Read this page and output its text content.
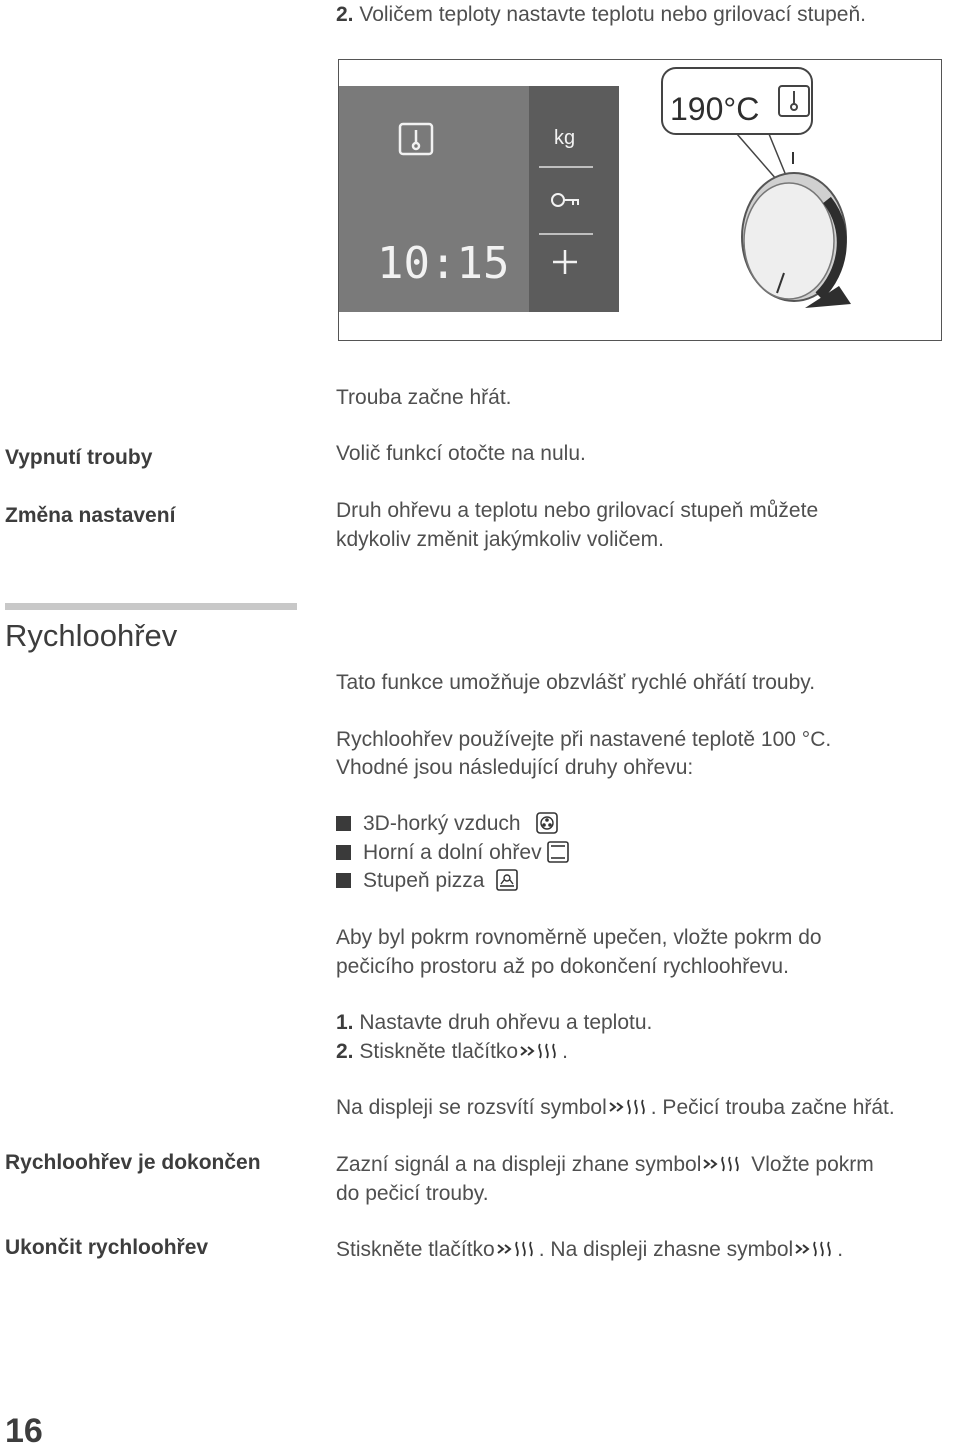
2. Voličem teploty nastavte teplotu nebo grilovací stupeň.
10:15
kg
190°C
Trouba začne hřát.
Vypnutí trouby	Volič funkcí otočte na nulu.
Změna nastavení	Druh ohřevu a teplotu nebo grilovací stupeň můžete
kdykoliv změnit jakýmkoliv voličem.
Rychloohřev
Tato funkce umožňuje obzvlášť rychlé ohřátí trouby.
Rychloohřev používejte při nastavené teplotě 100 °C.
Vhodné jsou následující druhy ohřevu:
3D-horký vzduch
Horní a dolní ohřev
Stupeň pizza
Aby byl pokrm rovnoměrně upečen, vložte pokrm do
pečicího prostoru až po dokončení rychloohřevu.
1. Nastavte druh ohřevu a teplotu.
2. Stiskněte tlačítko .
Na displeji se rozsvítí symbol . Pečicí trouba začne hřát.
Rychloohřev je dokončen	Zazní signál a na displeji zhane symbol Vložte pokrm
do pečicí trouby.
Ukončit rychloohřev	Stiskněte tlačítko . Na displeji zhasne symbol .
16
